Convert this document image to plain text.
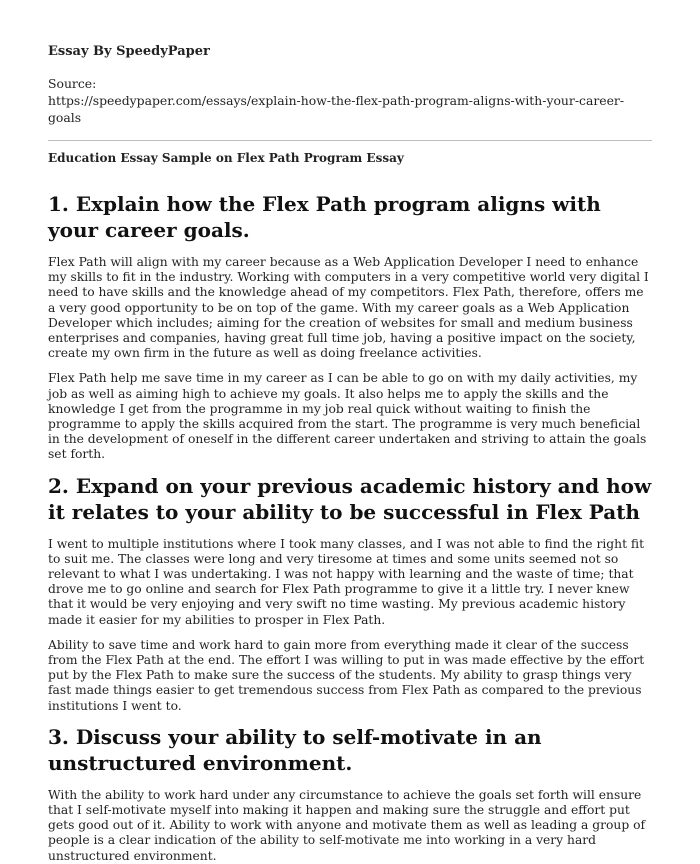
Essay By SpeedyPaper
Source:
https://speedypaper.com/essays/explain-how-the-flex-path-program-aligns-with-your-career-goals
Education Essay Sample on Flex Path Program Essay
1. Explain how the Flex Path program aligns with your career goals.

Flex Path will align with my career because as a Web Application Developer I need to enhance my skills to fit in the industry. Working with computers in a very competitive world very digital I need to have skills and the knowledge ahead of my competitors. Flex Path, therefore, offers me a very good opportunity to be on top of the game. With my career goals as a Web Application Developer which includes; aiming for the creation of websites for small and medium business enterprises and companies, having great full time job, having a positive impact on the society, create my own firm in the future as well as doing freelance activities.

Flex Path help me save time in my career as I can be able to go on with my daily activities, my job as well as aiming high to achieve my goals. It also helps me to apply the skills and the knowledge I get from the programme in my job real quick without waiting to finish the programme to apply the skills acquired from the start. The programme is very much beneficial in the development of oneself in the different career undertaken and striving to attain the goals set forth.

2. Expand on your previous academic history and how it relates to your ability to be successful in Flex Path

I went to multiple institutions where I took many classes, and I was not able to find the right fit to suit me. The classes were long and very tiresome at times and some units seemed not so relevant to what I was undertaking. I was not happy with learning and the waste of time; that drove me to go online and search for Flex Path programme to give it a little try. I never knew that it would be very enjoying and very swift no time wasting. My previous academic history made it easier for my abilities to prosper in Flex Path.

Ability to save time and work hard to gain more from everything made it clear of the success from the Flex Path at the end. The effort I was willing to put in was made effective by the effort put by the Flex Path to make sure the success of the students. My ability to grasp things very fast made things easier to get tremendous success from Flex Path as compared to the previous institutions I went to.

3. Discuss your ability to self-motivate in an unstructured environment.

With the ability to work hard under any circumstance to achieve the goals set forth will ensure that I self-motivate myself into making it happen and making sure the struggle and effort put gets good out of it. Ability to work with anyone and motivate them as well as leading a group of people is a clear indication of the ability to self-motivate me into working in a very hard unstructured environment.
